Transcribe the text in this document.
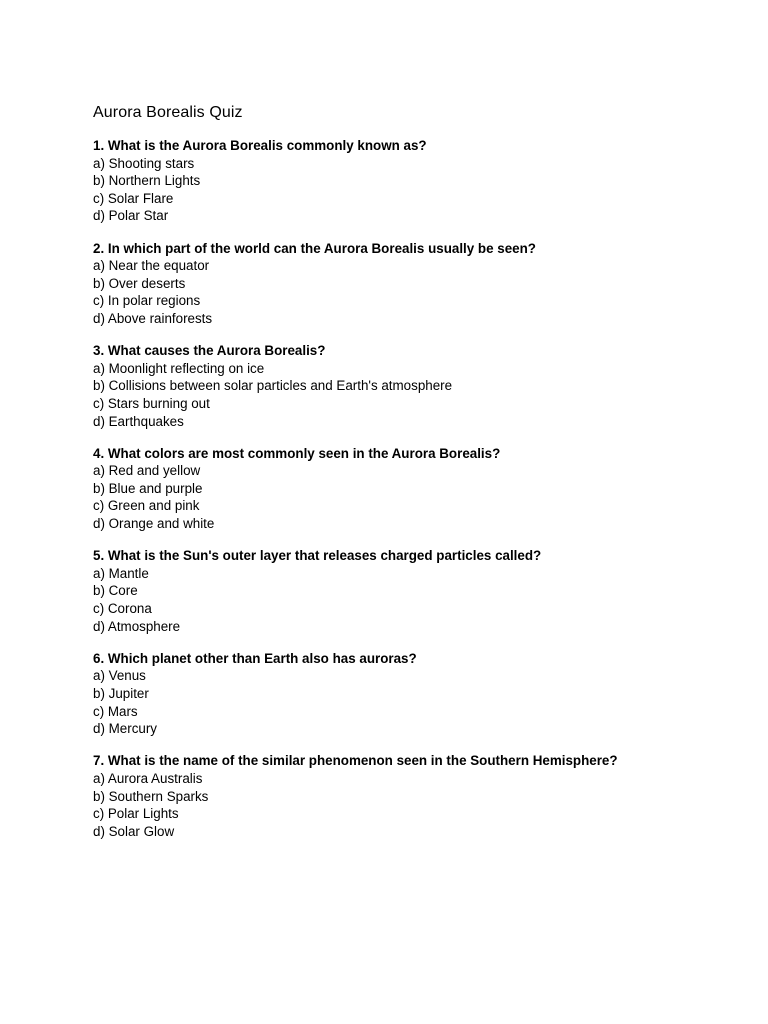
Aurora Borealis Quiz
1. What is the Aurora Borealis commonly known as?
a) Shooting stars
b) Northern Lights
c) Solar Flare
d) Polar Star
2. In which part of the world can the Aurora Borealis usually be seen?
a) Near the equator
b) Over deserts
c) In polar regions
d) Above rainforests
3. What causes the Aurora Borealis?
a) Moonlight reflecting on ice
b) Collisions between solar particles and Earth's atmosphere
c) Stars burning out
d) Earthquakes
4. What colors are most commonly seen in the Aurora Borealis?
a) Red and yellow
b) Blue and purple
c) Green and pink
d) Orange and white
5. What is the Sun's outer layer that releases charged particles called?
a) Mantle
b) Core
c) Corona
d) Atmosphere
6. Which planet other than Earth also has auroras?
a) Venus
b) Jupiter
c) Mars
d) Mercury
7. What is the name of the similar phenomenon seen in the Southern Hemisphere?
a) Aurora Australis
b) Southern Sparks
c) Polar Lights
d) Solar Glow
